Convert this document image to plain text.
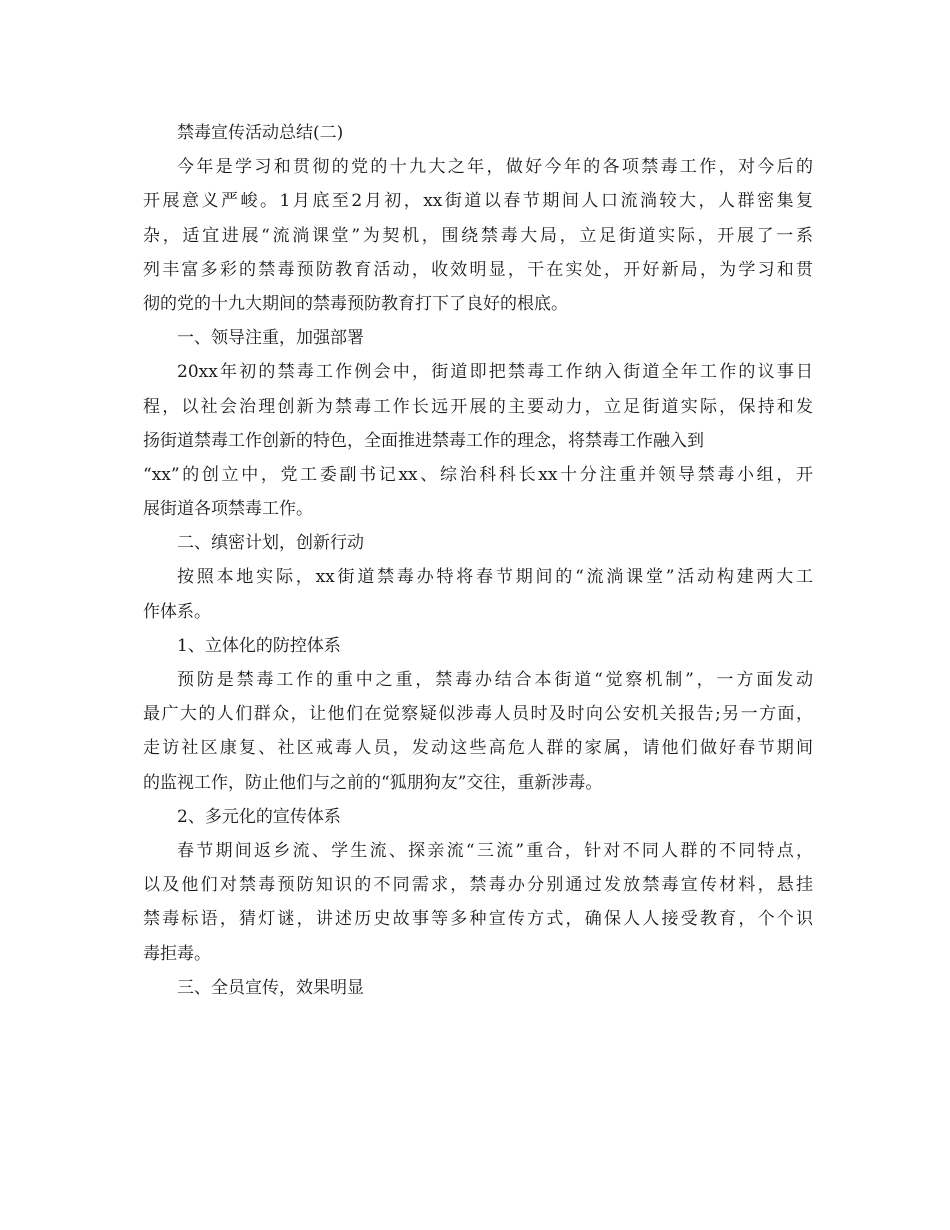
禁毒宣传活动总结(二)
今年是学习和贯彻的党的十九大之年，做好今年的各项禁毒工作，对今后的
开展意义严峻。1月底至2月初，xx街道以春节期间人口流淌较大，人群密集复
杂，适宜进展“流淌课堂”为契机，围绕禁毒大局，立足街道实际，开展了一系
列丰富多彩的禁毒预防教育活动，收效明显，干在实处，开好新局，为学习和贯
彻的党的十九大期间的禁毒预防教育打下了良好的根底。
一、领导注重，加强部署
20xx年初的禁毒工作例会中，街道即把禁毒工作纳入街道全年工作的议事日
程，以社会治理创新为禁毒工作长远开展的主要动力，立足街道实际，保持和发
扬街道禁毒工作创新的特色，全面推进禁毒工作的理念，将禁毒工作融入到
“xx”的创立中，党工委副书记xx、综治科科长xx十分注重并领导禁毒小组，开
展街道各项禁毒工作。
二、缜密计划，创新行动
按照本地实际，xx街道禁毒办特将春节期间的“流淌课堂”活动构建两大工
作体系。
1、立体化的防控体系
预防是禁毒工作的重中之重，禁毒办结合本街道“觉察机制”，一方面发动
最广大的人们群众，让他们在觉察疑似涉毒人员时及时向公安机关报告;另一方面，
走访社区康复、社区戒毒人员，发动这些高危人群的家属，请他们做好春节期间
的监视工作，防止他们与之前的“狐朋狗友”交往，重新涉毒。
2、多元化的宣传体系
春节期间返乡流、学生流、探亲流“三流”重合，针对不同人群的不同特点，
以及他们对禁毒预防知识的不同需求，禁毒办分别通过发放禁毒宣传材料，悬挂
禁毒标语，猜灯谜，讲述历史故事等多种宣传方式，确保人人接受教育，个个识
毒拒毒。
三、全员宣传，效果明显
